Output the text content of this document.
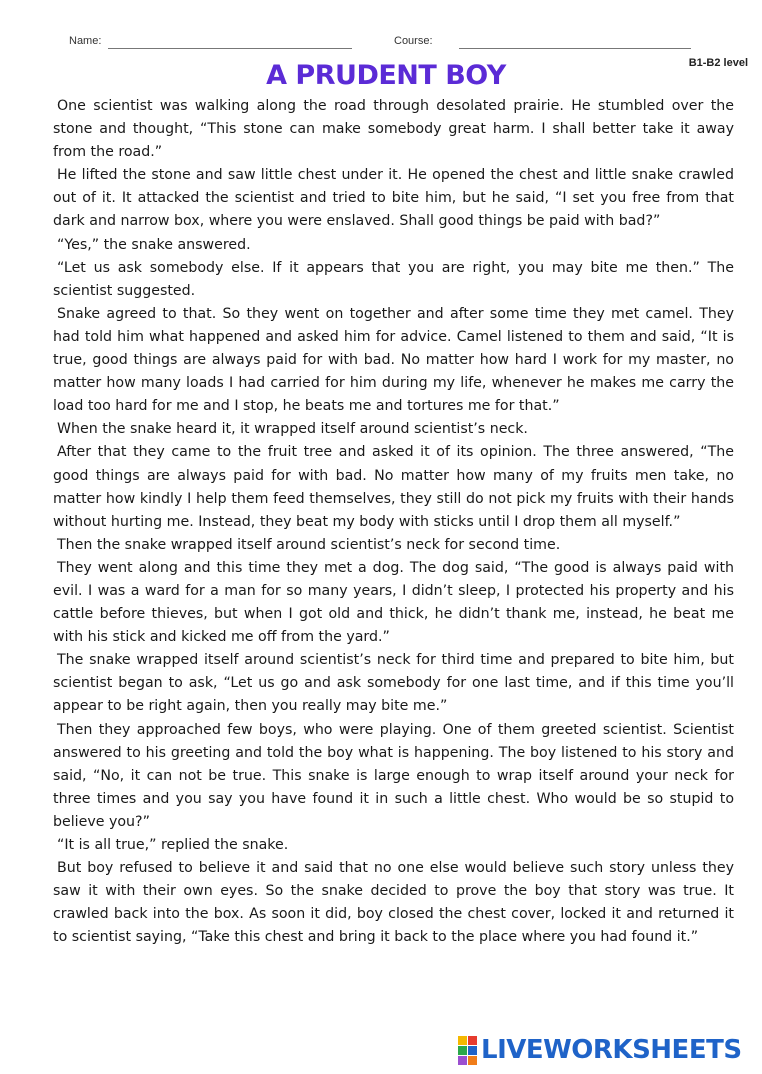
Name:	Course:
B1-B2 level
A PRUDENT BOY

One scientist was walking along the road through desolated prairie. He stumbled over the stone and thought, “This stone can make somebody great harm. I shall better take it away from the road.”

He lifted the stone and saw little chest under it. He opened the chest and little snake crawled out of it. It attacked the scientist and tried to bite him, but he said, “I set you free from that dark and narrow box, where you were enslaved. Shall good things be paid with bad?”

“Yes,” the snake answered.

“Let us ask somebody else. If it appears that you are right, you may bite me then.” The scientist suggested.

Snake agreed to that. So they went on together and after some time they met camel. They had told him what happened and asked him for advice. Camel listened to them and said, “It is true, good things are always paid for with bad. No matter how hard I work for my master, no matter how many loads I had carried for him during my life, whenever he makes me carry the load too hard for me and I stop, he beats me and tortures me for that.”

When the snake heard it, it wrapped itself around scientist’s neck.

After that they came to the fruit tree and asked it of its opinion. The three answered, “The good things are always paid for with bad. No matter how many of my fruits men take, no matter how kindly I help them feed themselves, they still do not pick my fruits with their hands without hurting me. Instead, they beat my body with sticks until I drop them all myself.”

Then the snake wrapped itself around scientist’s neck for second time.

They went along and this time they met a dog. The dog said, “The good is always paid with evil. I was a ward for a man for so many years, I didn’t sleep, I protected his property and his cattle before thieves, but when I got old and thick, he didn’t thank me, instead, he beat me with his stick and kicked me off from the yard.”

The snake wrapped itself around scientist’s neck for third time and prepared to bite him, but scientist began to ask, “Let us go and ask somebody for one last time, and if this time you’ll appear to be right again, then you really may bite me.”

Then they approached few boys, who were playing. One of them greeted scientist. Scientist answered to his greeting and told the boy what is happening. The boy listened to his story and said, “No, it can not be true. This snake is large enough to wrap itself around your neck for three times and you say you have found it in such a little chest. Who would be so stupid to believe you?”

“It is all true,” replied the snake.

But boy refused to believe it and said that no one else would believe such story unless they saw it with their own eyes. So the snake decided to prove the boy that story was true. It crawled back into the box. As soon it did, boy closed the chest cover, locked it and returned it to scientist saying, “Take this chest and bring it back to the place where you had found it.”

LIVEWORKSHEETS
